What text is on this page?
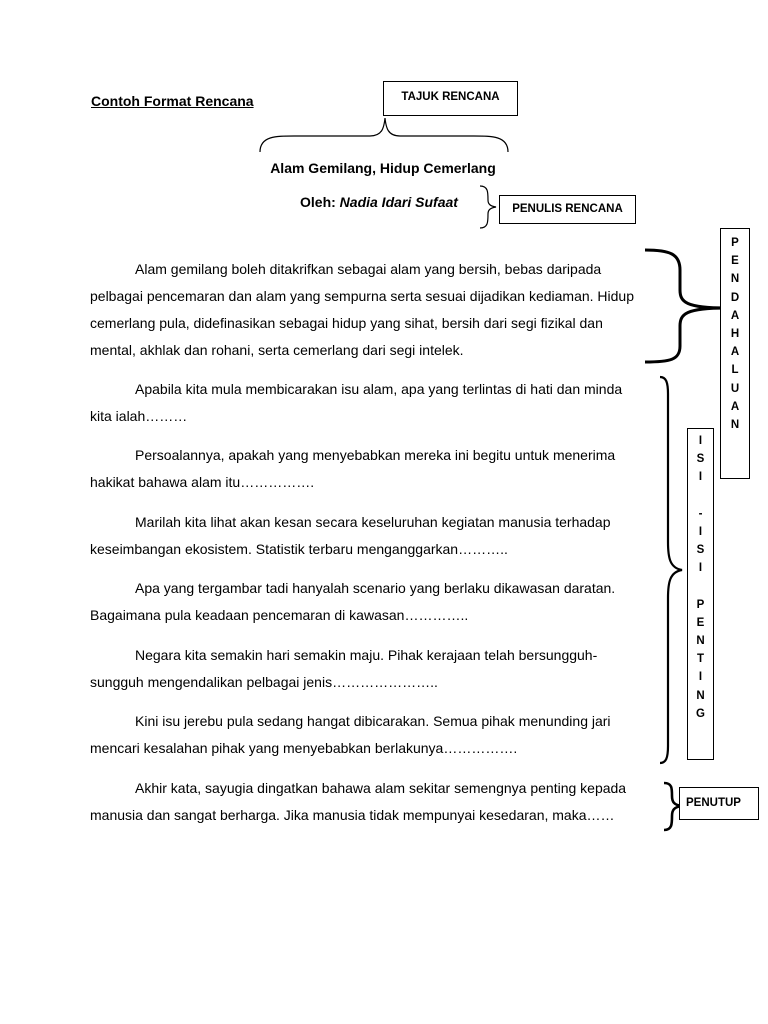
Contoh Format Rencana	TAJUK RENCANA
Alam Gemilang, Hidup Cemerlang
Oleh: Nadia Idari Sufaat	PENULIS RENCANA
Alam gemilang boleh ditakrifkan sebagai alam yang bersih, bebas daripada
pelbagai pencemaran dan alam yang sempurna serta sesuai dijadikan kediaman. Hidup
cemerlang pula, didefinasikan sebagai hidup yang sihat, bersih dari segi fizikal dan
mental, akhlak dan rohani, serta cemerlang dari segi intelek.
P
E
N
D
A
H
A
L
U
A
N
Apabila kita mula membicarakan isu alam, apa yang terlintas di hati dan minda
kita ialah………
Persoalannya, apakah yang menyebabkan mereka ini begitu untuk menerima
hakikat bahawa alam itu…………….
Marilah kita lihat akan kesan secara keseluruhan kegiatan manusia terhadap
keseimbangan ekosistem. Statistik terbaru menganggarkan………..
Apa yang tergambar tadi hanyalah scenario yang berlaku dikawasan daratan.
Bagaimana pula keadaan pencemaran di kawasan…………..
Negara kita semakin hari semakin maju. Pihak kerajaan telah bersungguh-
sungguh mengendalikan pelbagai jenis…………………..
Kini isu jerebu pula sedang hangat dibicarakan. Semua pihak menunding jari
mencari kesalahan pihak yang menyebabkan berlakunya…………….
I
S
I
-
I
S
I
P
E
N
T
I
N
G
Akhir kata, sayugia dingatkan bahawa alam sekitar semengnya penting kepada
manusia dan sangat berharga. Jika manusia tidak mempunyai kesedaran, maka……
PENUTUP
